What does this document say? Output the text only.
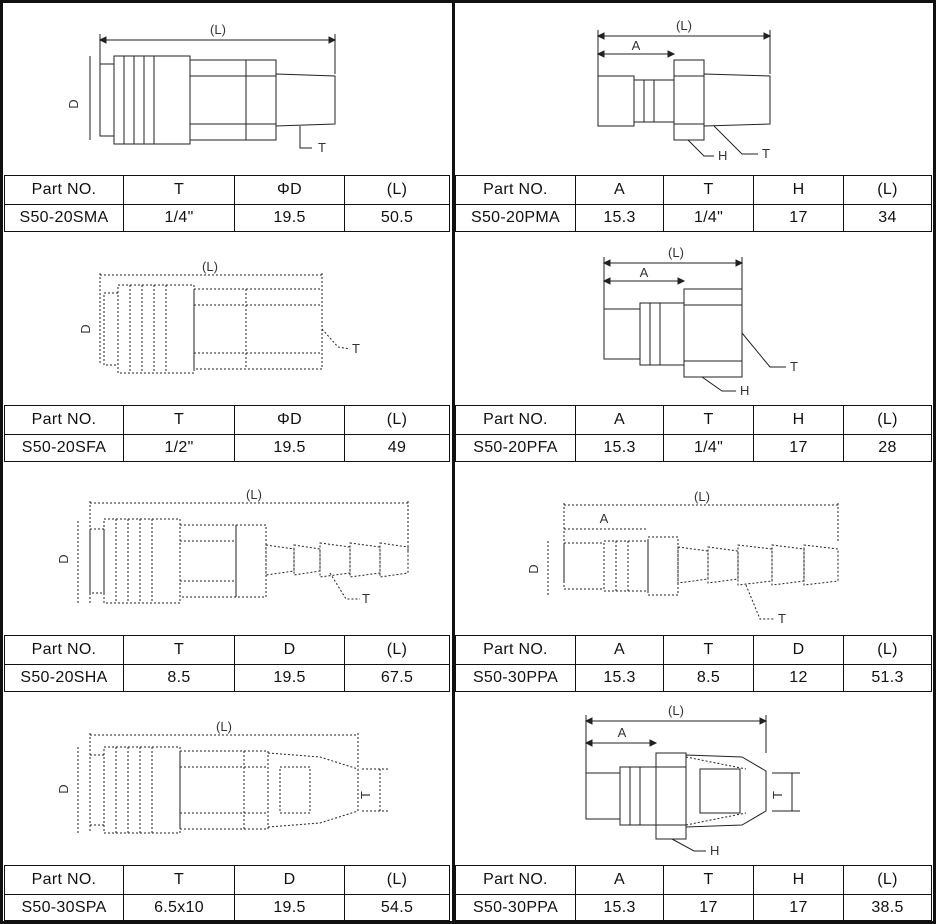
(L)
D
T
(L)
A
H	T
Part NO.	T	ΦD	(L)
S50-20SMA	1/4"	19.5	50.5
Part NO.	A	T	H	(L)
S50-20PMA	15.3	1/4"	17	34
(L)
D
T
(L)
A
H
T
Part NO.	T	ΦD	(L)
S50-20SFA	1/2"	19.5	49
Part NO.	A	T	H	(L)
S50-20PFA	15.3	1/4"	17	28
(L)
D
T
(L)
A
D
T
Part NO.	T	D	(L)
S50-20SHA	8.5	19.5	67.5
Part NO.	A	T	D	(L)
S50-30PPA	15.3	8.5	12	51.3
(L)
D
T
(L)
A
H
T
Part NO.	T	D	(L)
S50-30SPA	6.5x10	19.5	54.5
Part NO.	A	T	H	(L)
S50-30PPA	15.3	17	17	38.5
